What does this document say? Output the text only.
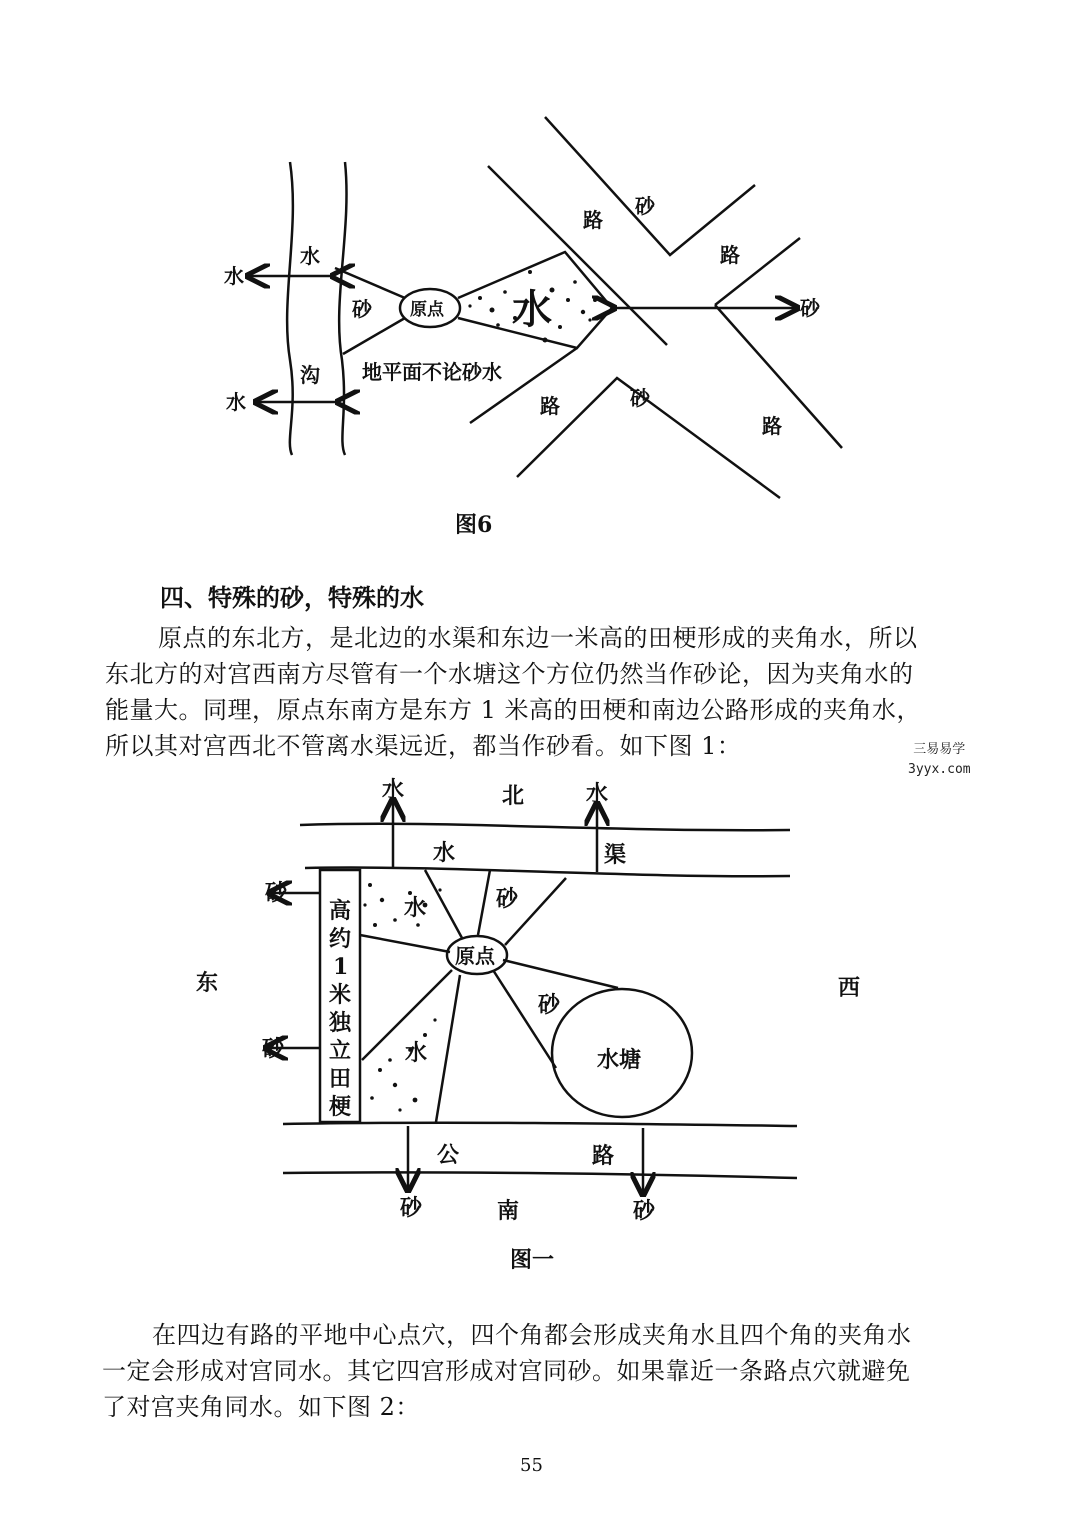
水
沟
水
水
砂 原点 水
地平面不论砂水
路
砂
路
砂
路	砂
路
图6
四、特殊的砂，特殊的水
原点的东北方，是北边的水渠和东边一米高的田梗形成的夹角水，所以
东北方的对宫西南方尽管有一个水塘这个方位仍然当作砂论，因为夹角水的
能量大。同理，原点东南方是东方 1 米高的田梗和南边公路形成的夹角水，
所以其对宫西北不管离水渠远近，都当作砂看。如下图 1：	三易易学
3yyx.com
水	北	水
水	渠
砂
东
砂
西
高
约
1
米
独
立
田
梗
水	砂
原点
砂
水	水塘
公	路
砂	南	砂
图一
在四边有路的平地中心点穴，四个角都会形成夹角水且四个角的夹角水
一定会形成对宫同水。其它四宫形成对宫同砂。如果靠近一条路点穴就避免
了对宫夹角同水。如下图 2：
55
